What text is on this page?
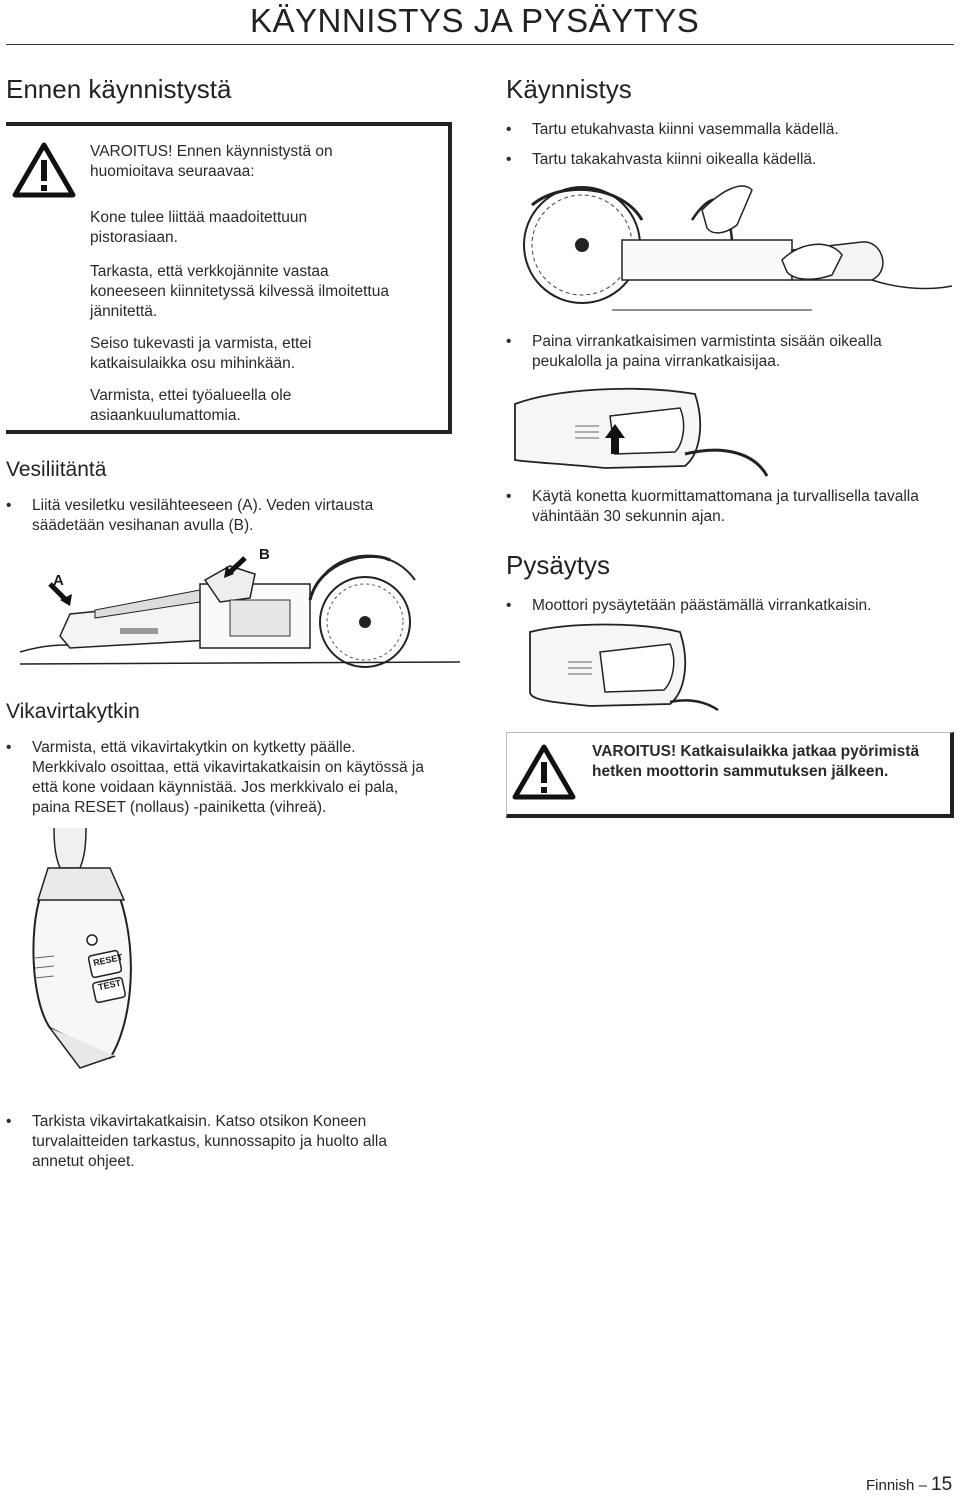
KÄYNNISTYS JA PYSÄYTYS
Ennen käynnistystä
VAROITUS! Ennen käynnistystä on
huomioitava seuraavaa:
Kone tulee liittää maadoitettuun
pistorasiaan.
Tarkasta, että verkkojännite vastaa
koneeseen kiinnitetyssä kilvessä ilmoitettua
jännitettä.
Seiso tukevasti ja varmista, ettei
katkaisulaikka osu mihinkään.
Varmista, ettei työalueella ole
asiaankuulumattomia.
Vesiliitäntä
• Liitä vesiletku vesilähteeseen (A). Veden virtausta
säädetään vesihanan avulla (B).
A
B
Vikavirtakytkin
• Varmista, että vikavirtakytkin on kytketty päälle.
Merkkivalo osoittaa, että vikavirtakatkaisin on käytössä ja
että kone voidaan käynnistää. Jos merkkivalo ei pala,
paina RESET (nollaus) -painiketta (vihreä).
RESET
TEST
• Tarkista vikavirtakatkaisin. Katso otsikon Koneen
turvalaitteiden tarkastus, kunnossapito ja huolto alla
annetut ohjeet.
Käynnistys
• Tartu etukahvasta kiinni vasemmalla kädellä.
• Tartu takakahvasta kiinni oikealla kädellä.
• Paina virrankatkaisimen varmistinta sisään oikealla
peukalolla ja paina virrankatkaisijaa.
• Käytä konetta kuormittamattomana ja turvallisella tavalla
vähintään 30 sekunnin ajan.
Pysäytys
• Moottori pysäytetään päästämällä virrankatkaisin.
VAROITUS! Katkaisulaikka jatkaa pyörimistä
hetken moottorin sammutuksen jälkeen.
Finnish – 15
